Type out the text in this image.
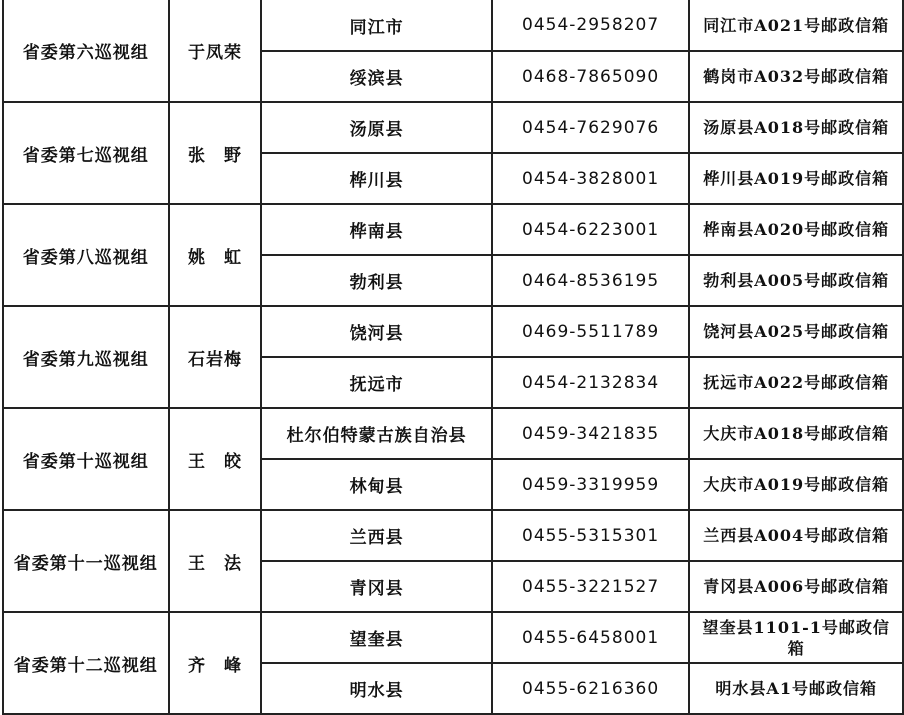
省委第六巡视组	于凤荣	同江市	0454-2958207	同江市A021号邮政信箱
		绥滨县	0468-7865090	鹤岗市A032号邮政信箱
省委第七巡视组	张　野	汤原县	0454-7629076	汤原县A018号邮政信箱
		桦川县	0454-3828001	桦川县A019号邮政信箱
省委第八巡视组	姚　虹	桦南县	0454-6223001	桦南县A020号邮政信箱
		勃利县	0464-8536195	勃利县A005号邮政信箱
省委第九巡视组	石岩梅	饶河县	0469-5511789	饶河县A025号邮政信箱
		抚远市	0454-2132834	抚远市A022号邮政信箱
省委第十巡视组	王　皎	杜尔伯特蒙古族自治县	0459-3421835	大庆市A018号邮政信箱
		林甸县	0459-3319959	大庆市A019号邮政信箱
省委第十一巡视组	王　法	兰西县	0455-5315301	兰西县A004号邮政信箱
		青冈县	0455-3221527	青冈县A006号邮政信箱
省委第十二巡视组	齐　峰	望奎县	0455-6458001	望奎县1101-1号邮政信箱
		明水县	0455-6216360	明水县A1号邮政信箱
